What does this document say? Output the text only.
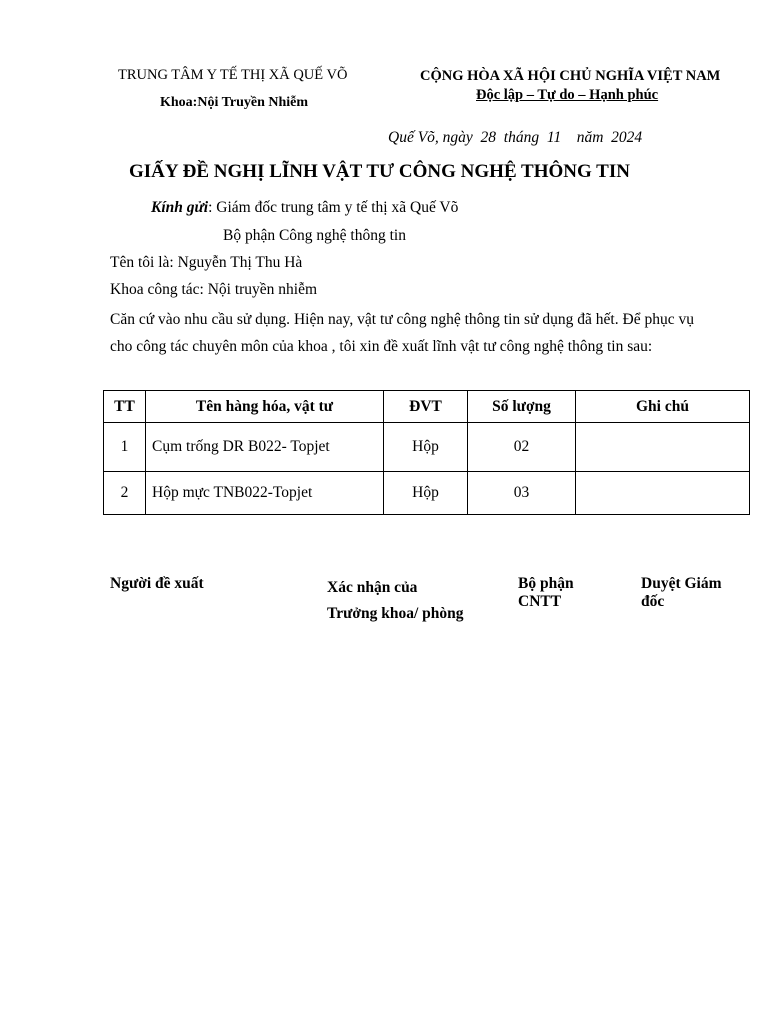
TRUNG TÂM Y TẾ THỊ XÃ QUẾ VÕ
Khoa:Nội Truyền Nhiễm
CỘNG HÒA XÃ HỘI CHỦ NGHĨA VIỆT NAM
Độc lập – Tự do – Hạnh phúc
Quế Võ, ngày 28 tháng 11 năm 2024
GIẤY ĐỀ NGHỊ LĨNH VẬT TƯ CÔNG NGHỆ THÔNG TIN
Kính gửi: Giám đốc trung tâm y tế thị xã Quế Võ
Bộ phận Công nghệ thông tin
Tên tôi là: Nguyễn Thị Thu Hà
Khoa công tác: Nội truyền nhiễm
Căn cứ vào nhu cầu sử dụng. Hiện nay, vật tư công nghệ thông tin sử dụng đã hết. Để phục vụ cho công tác chuyên môn của khoa , tôi xin đề xuất lĩnh vật tư công nghệ thông tin sau:
TT	Tên hàng hóa, vật tư	ĐVT	Số lượng	Ghi chú
1	Cụm trống DR B022- Topjet	Hộp	02	
2	Hộp mực TNB022-Topjet	Hộp	03	
Người đề xuất	Xác nhận của
Trưởng khoa/ phòng
Bộ phận CNTT
Duyệt Giám đốc
